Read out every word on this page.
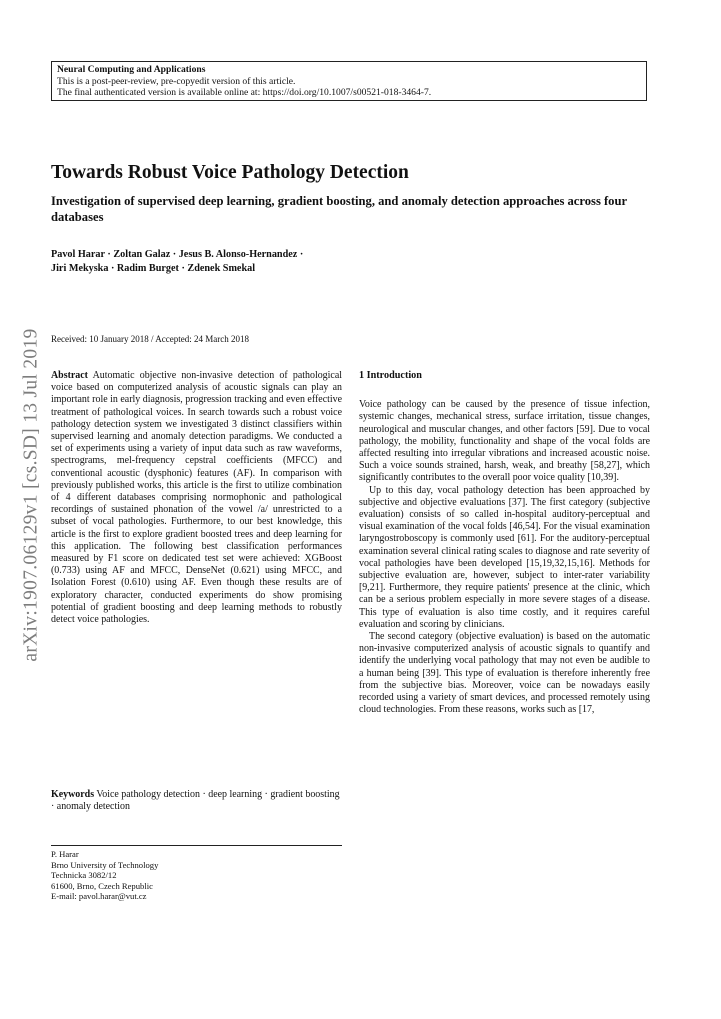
Neural Computing and Applications
This is a post-peer-review, pre-copyedit version of this article.
The final authenticated version is available online at: https://doi.org/10.1007/s00521-018-3464-7.
arXiv:1907.06129v1 [cs.SD] 13 Jul 2019
Towards Robust Voice Pathology Detection
Investigation of supervised deep learning, gradient boosting, and anomaly detection approaches across four databases
Pavol Harar · Zoltan Galaz · Jesus B. Alonso-Hernandez ·
Jiri Mekyska · Radim Burget · Zdenek Smekal
Received: 10 January 2018 / Accepted: 24 March 2018

Abstract Automatic objective non-invasive detection of pathological voice based on computerized analysis of acoustic signals can play an important role in early diagnosis, progression tracking and even effective treatment of pathological voices. In search towards such a robust voice pathology detection system we investigated 3 distinct classifiers within supervised learning and anomaly detection paradigms. We conducted a set of experiments using a variety of input data such as raw waveforms, spectrograms, mel-frequency cepstral coefficients (MFCC) and conventional acoustic (dysphonic) features (AF). In comparison with previously published works, this article is the first to utilize combination of 4 different databases comprising normophonic and pathological recordings of sustained phonation of the vowel /a/ unrestricted to a subset of vocal pathologies. Furthermore, to our best knowledge, this article is the first to explore gradient boosted trees and deep learning for this application. The following best classification performances measured by F1 score on dedicated test set were achieved: XGBoost (0.733) using AF and MFCC, DenseNet (0.621) using MFCC, and Isolation Forest (0.610) using AF. Even though these results are of exploratory character, conducted experiments do show promising potential of gradient boosting and deep learning methods to robustly detect voice pathologies.

Keywords Voice pathology detection · deep learning · gradient boosting · anomaly detection
P. Harar
Brno University of Technology
Technicka 3082/12
61600, Brno, Czech Republic
E-mail: pavol.harar@vut.cz
1 Introduction

Voice pathology can be caused by the presence of tissue infection, systemic changes, mechanical stress, surface irritation, tissue changes, neurological and muscular changes, and other factors [59]. Due to vocal pathology, the mobility, functionality and shape of the vocal folds are affected resulting into irregular vibrations and increased acoustic noise. Such a voice sounds strained, harsh, weak, and breathy [58,27], which significantly contributes to the overall poor voice quality [10,39].

Up to this day, vocal pathology detection has been approached by subjective and objective evaluations [37]. The first category (subjective evaluation) consists of so called in-hospital auditory-perceptual and visual examination of the vocal folds [46,54]. For the visual examination laryngostroboscopy is commonly used [61]. For the auditory-perceptual examination several clinical rating scales to diagnose and rate severity of vocal pathologies have been developed [15,19,32,15,16]. Methods for subjective evaluation are, however, subject to inter-rater variability [9,21]. Furthermore, they require patients' presence at the clinic, which can be a serious problem especially in more severe stages of a disease. This type of evaluation is also time costly, and it requires careful evaluation and scoring by clinicians.

The second category (objective evaluation) is based on the automatic non-invasive computerized analysis of acoustic signals to quantify and identify the underlying vocal pathology that may not even be audible to a human being [39]. This type of evaluation is therefore inherently free from the subjective bias. Moreover, voice can be nowadays easily recorded using a variety of smart devices, and processed remotely using cloud technologies. From these reasons, works such as [17,
